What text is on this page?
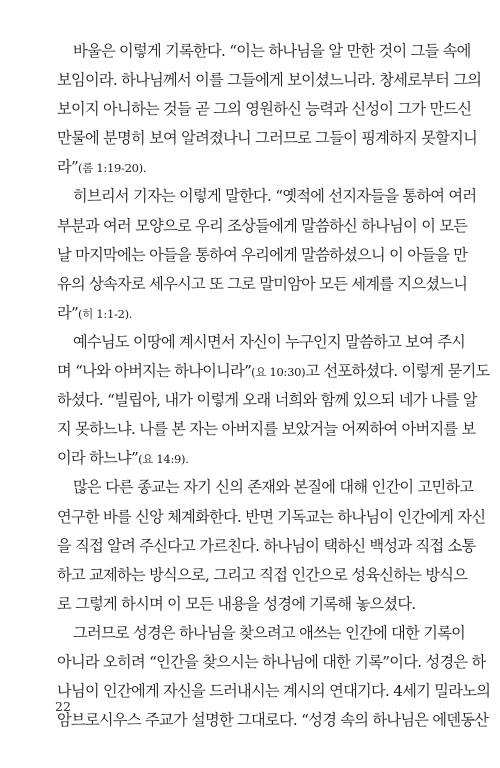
바울은 이렇게 기록한다. “이는 하나님을 알 만한 것이 그들 속에
보임이라. 하나님께서 이를 그들에게 보이셨느니라. 창세로부터 그의
보이지 아니하는 것들 곧 그의 영원하신 능력과 신성이 그가 만드신
만물에 분명히 보여 알려졌나니 그러므로 그들이 핑계하지 못할지니
라”(롬 1:19-20).
히브리서 기자는 이렇게 말한다. “옛적에 선지자들을 통하여 여러
부분과 여러 모양으로 우리 조상들에게 말씀하신 하나님이 이 모든
날 마지막에는 아들을 통하여 우리에게 말씀하셨으니 이 아들을 만
유의 상속자로 세우시고 또 그로 말미암아 모든 세계를 지으셨느니
라”(히 1:1-2).
예수님도 이땅에 계시면서 자신이 누구인지 말씀하고 보여 주시
며 “나와 아버지는 하나이니라”(요 10:30)고 선포하셨다. 이렇게 묻기도
하셨다. “빌립아, 내가 이렇게 오래 너희와 함께 있으되 네가 나를 알
지 못하느냐. 나를 본 자는 아버지를 보았거늘 어찌하여 아버지를 보
이라 하느냐”(요 14:9).
많은 다른 종교는 자기 신의 존재와 본질에 대해 인간이 고민하고
연구한 바를 신앙 체계화한다. 반면 기독교는 하나님이 인간에게 자신
을 직접 알려 주신다고 가르친다. 하나님이 택하신 백성과 직접 소통
하고 교제하는 방식으로, 그리고 직접 인간으로 성육신하는 방식으
로 그렇게 하시며 이 모든 내용을 성경에 기록해 놓으셨다.
그러므로 성경은 하나님을 찾으려고 애쓰는 인간에 대한 기록이
아니라 오히려 “인간을 찾으시는 하나님에 대한 기록”이다. 성경은 하
나님이 인간에게 자신을 드러내시는 계시의 연대기다. 4세기 밀라노의
암브로시우스 주교가 설명한 그대로다. “성경 속의 하나님은 에덴동산
22
